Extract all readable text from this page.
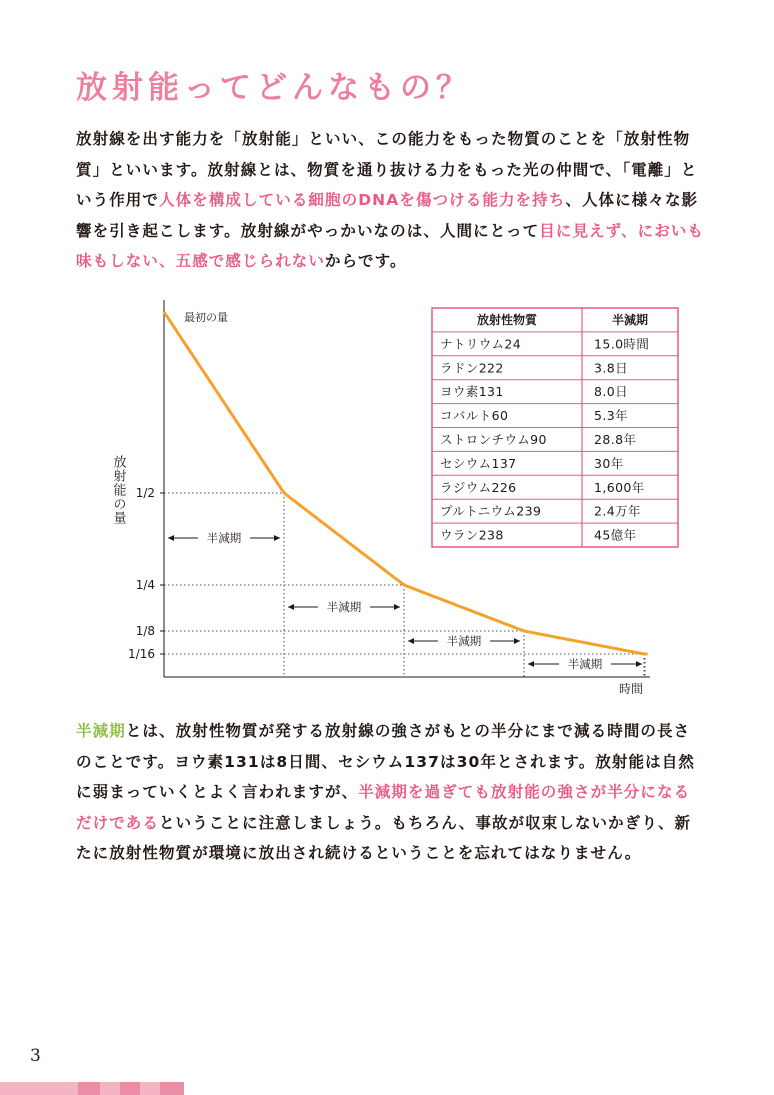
放射能ってどんなもの？

放射線を出す能力を「放射能」といい、この能力をもった物質のことを「放射性物質」といいます。放射線とは、物質を通り抜ける力をもった光の仲間で、「電離」という作用で人体を構成している細胞のDNAを傷つける能力を持ち、人体に様々な影響を引き起こします。放射線がやっかいなのは、人間にとって目に見えず、においも味もしない、五感で感じられないからです。

1/2
1/4
1/8
1/16
最初の量
放射能の量
時間
半減期
半減期
半減期
半減期
放射性物質	半減期
ナトリウム24	15.0時間
ラドン222	3.8日
ヨウ素131	8.0日
コバルト60	5.3年
ストロンチウム90	28.8年
セシウム137	30年
ラジウム226	1,600年
プルトニウム239	2.4万年
ウラン238	45億年

半減期とは、放射性物質が発する放射線の強さがもとの半分にまで減る時間の長さのことです。ヨウ素131は8日間、セシウム137は30年とされます。放射能は自然に弱まっていくとよく言われますが、半減期を過ぎても放射能の強さが半分になるだけであるということに注意しましょう。もちろん、事故が収束しないかぎり、新たに放射性物質が環境に放出され続けるということを忘れてはなりません。

3
